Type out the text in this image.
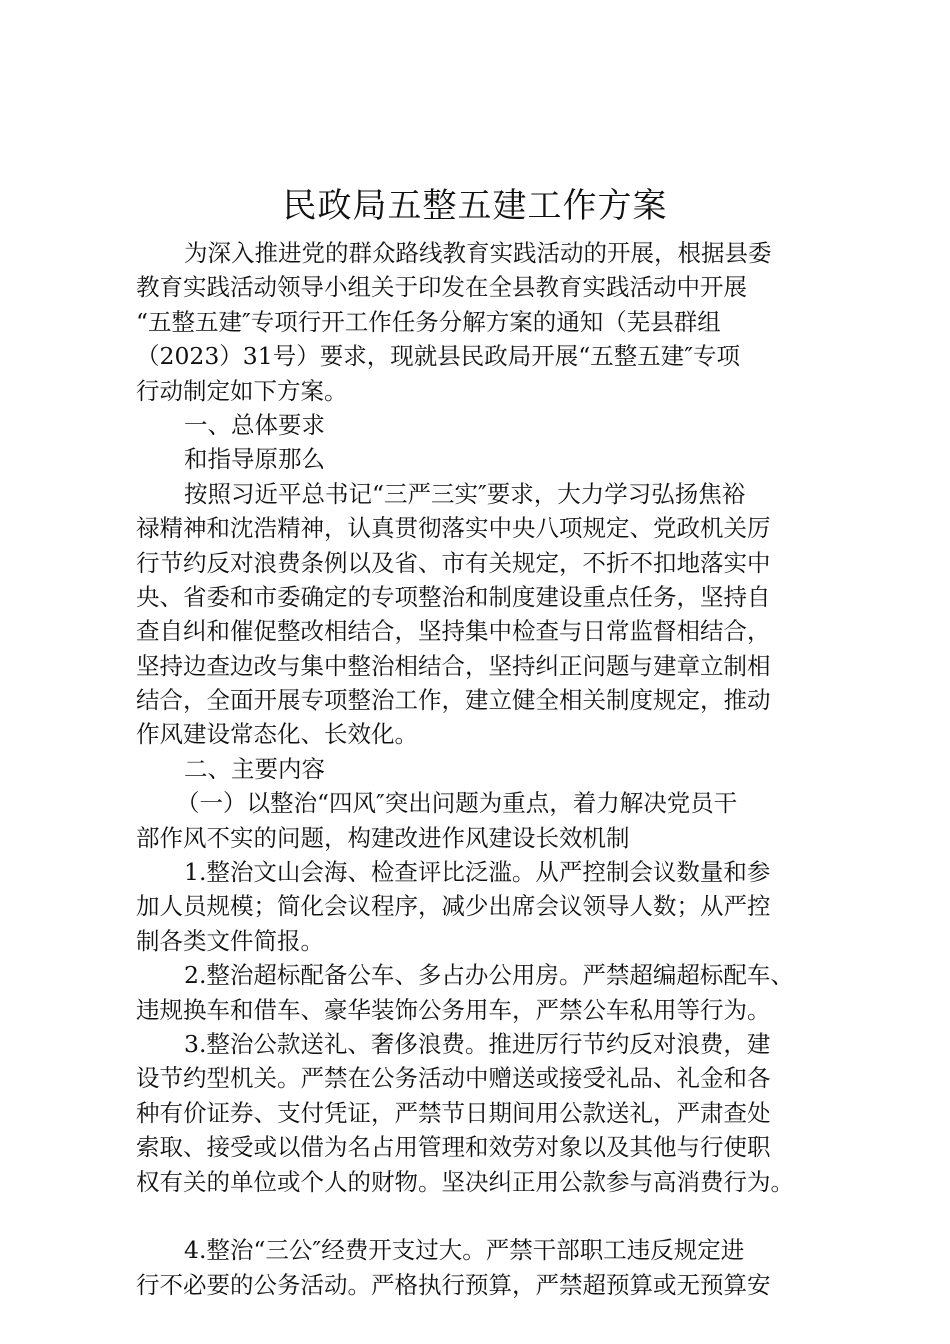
民政局五整五建工作方案
为深入推进党的群众路线教育实践活动的开展，根据县委
教育实践活动领导小组关于印发在全县教育实践活动中开展
“五整五建″专项行开工作任务分解方案的通知（芜县群组
（2023）31号）要求，现就县民政局开展“五整五建″专项
行动制定如下方案。
一、总体要求
和指导原那么
按照习近平总书记“三严三实″要求，大力学习弘扬焦裕
禄精神和沈浩精神，认真贯彻落实中央八项规定、党政机关厉
行节约反对浪费条例以及省、市有关规定，不折不扣地落实中
央、省委和市委确定的专项整治和制度建设重点任务，坚持自
查自纠和催促整改相结合，坚持集中检查与日常监督相结合，
坚持边查边改与集中整治相结合，坚持纠正问题与建章立制相
结合，全面开展专项整治工作，建立健全相关制度规定，推动
作风建设常态化、长效化。
二、主要内容
（一）以整治“四风″突出问题为重点，着力解决党员干
部作风不实的问题，构建改进作风建设长效机制
1.整治文山会海、检查评比泛滥。从严控制会议数量和参
加人员规模；简化会议程序，减少出席会议领导人数；从严控
制各类文件简报。
2.整治超标配备公车、多占办公用房。严禁超编超标配车、
违规换车和借车、豪华装饰公务用车，严禁公车私用等行为。
3.整治公款送礼、奢侈浪费。推进厉行节约反对浪费，建
设节约型机关。严禁在公务活动中赠送或接受礼品、礼金和各
种有价证券、支付凭证，严禁节日期间用公款送礼，严肃查处
索取、接受或以借为名占用管理和效劳对象以及其他与行使职
权有关的单位或个人的财物。坚决纠正用公款参与高消费行为。
4.整治“三公″经费开支过大。严禁干部职工违反规定进
行不必要的公务活动。严格执行预算，严禁超预算或无预算安
